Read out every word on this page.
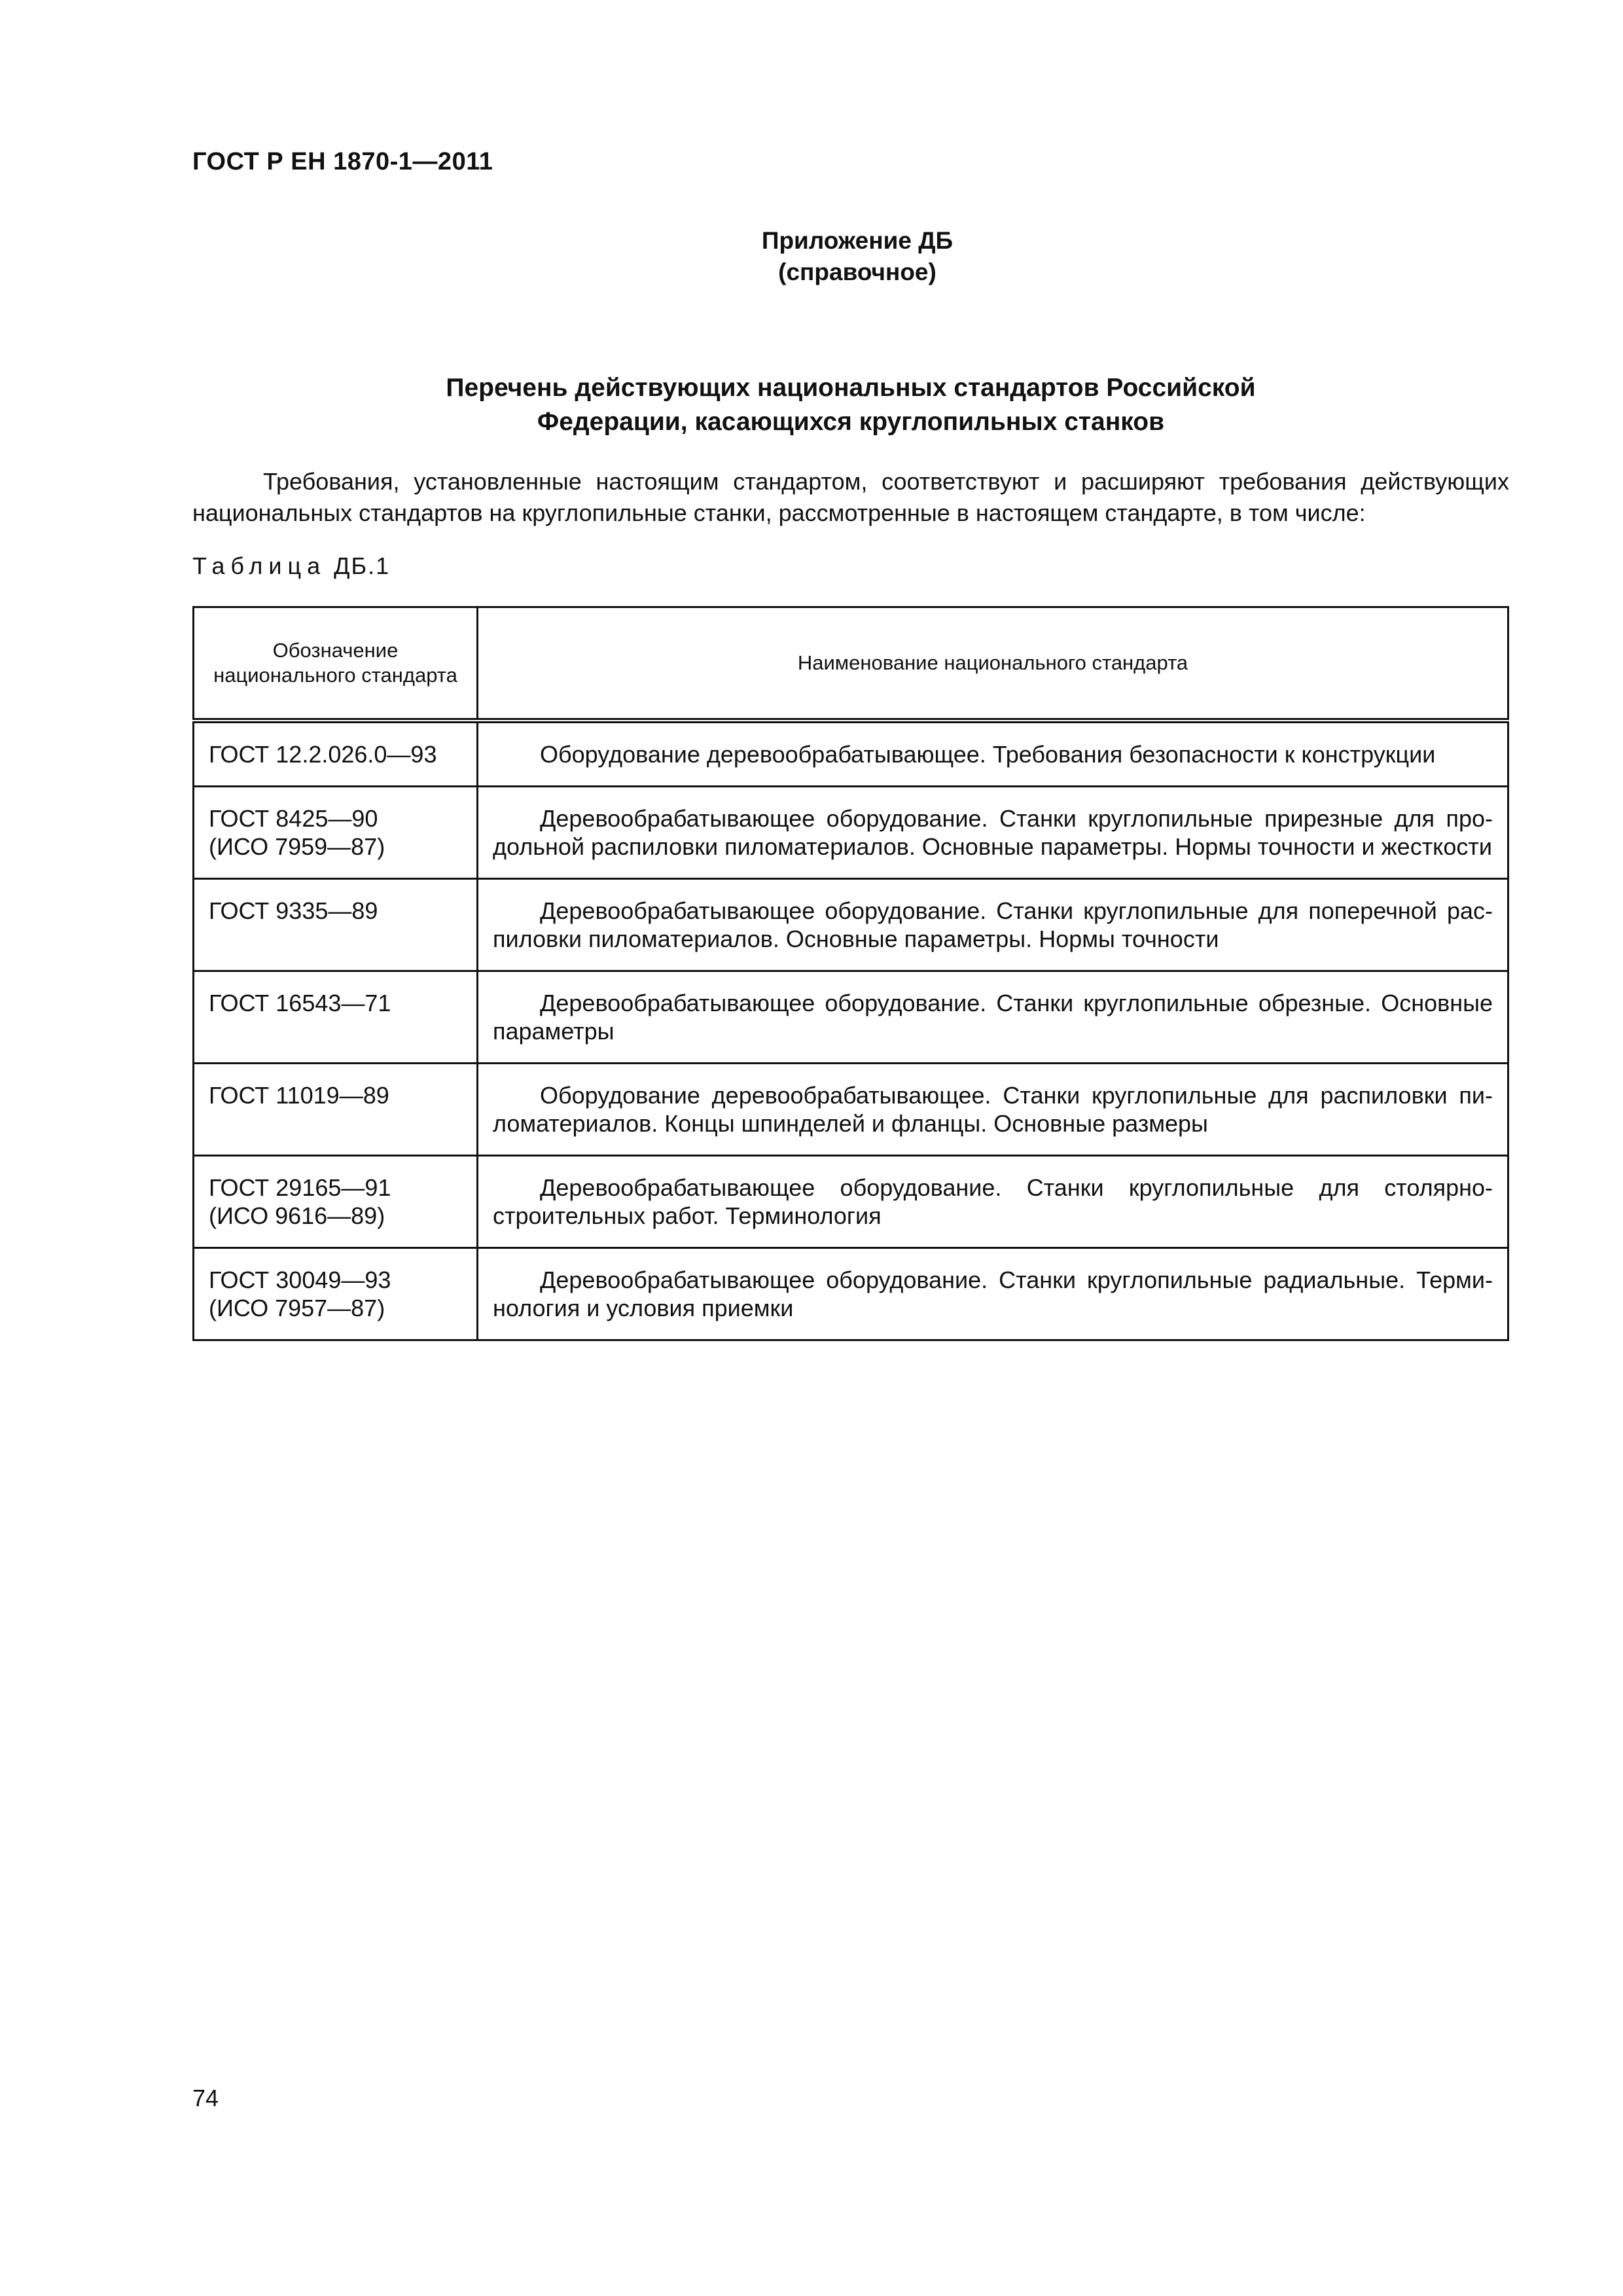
ГОСТ Р ЕН 1870-1—2011
Приложение ДБ
(справочное)
Перечень действующих национальных стандартов Российской
Федерации, касающихся круглопильных станков
Требования, установленные настоящим стандартом, соответствуют и расширяют требования действующих
национальных стандартов на круглопильные станки, рассмотренные в настоящем стандарте, в том числе:
Таблица ДБ.1
Обозначение национального стандарта	Наименование национального стандарта

ГОСТ 12.2.026.0—93	Оборудование деревообрабатывающее. Требования безопасности к конструкции

ГОСТ 8425—90
(ИСО 7959—87)	Деревообрабатывающее оборудование. Станки круглопильные прирезные для продольной распиловки пиломатериалов. Основные параметры. Нормы точности и жесткости

ГОСТ 9335—89	Деревообрабатывающее оборудование. Станки круглопильные для поперечной распиловки пиломатериалов. Основные параметры. Нормы точности

ГОСТ 16543—71	Деревообрабатывающее оборудование. Станки круглопильные обрезные. Основные параметры

ГОСТ 11019—89	Оборудование деревообрабатывающее. Станки круглопильные для распиловки пиломатериалов. Концы шпинделей и фланцы. Основные размеры

ГОСТ 29165—91
(ИСО 9616—89)	Деревообрабатывающее оборудование. Станки круглопильные для столярно-строительных работ. Терминология

ГОСТ 30049—93
(ИСО 7957—87)	Деревообрабатывающее оборудование. Станки круглопильные радиальные. Терминология и условия приемки
74
